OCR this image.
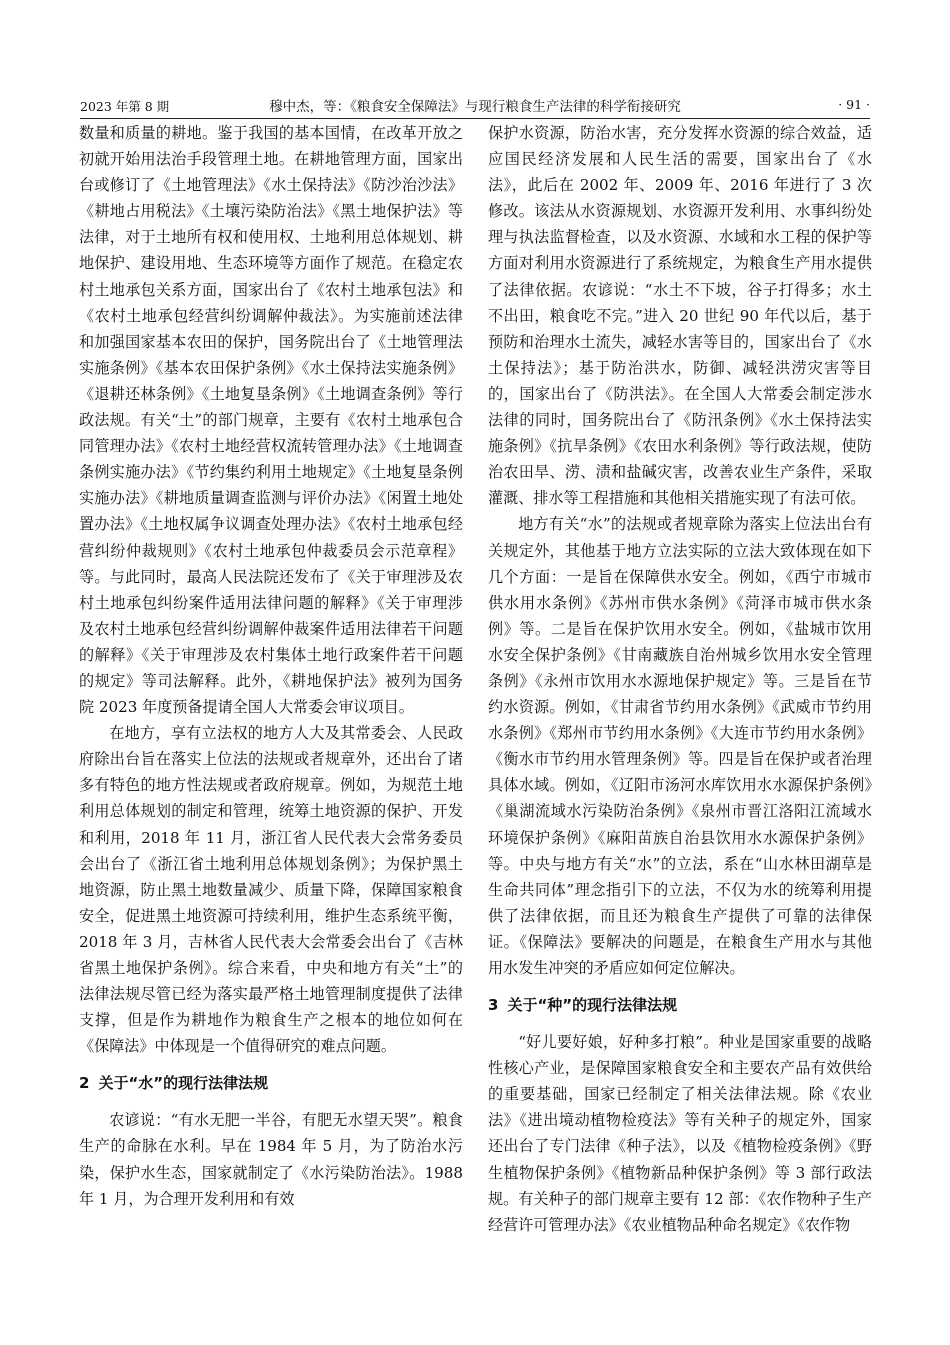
2023 年第 8 期	穆中杰，等：《粮食安全保障法》与现行粮食生产法律的科学衔接研究	· 91 ·

数量和质量的耕地。鉴于我国的基本国情，在改革开放之初就开始用法治手段管理土地。在耕地管理方面，国家出台或修订了《土地管理法》《水土保持法》《防沙治沙法》《耕地占用税法》《土壤污染防治法》《黑土地保护法》等法律，对于土地所有权和使用权、土地利用总体规划、耕地保护、建设用地、生态环境等方面作了规范。在稳定农村土地承包关系方面，国家出台了《农村土地承包法》和《农村土地承包经营纠纷调解仲裁法》。为实施前述法律和加强国家基本农田的保护，国务院出台了《土地管理法实施条例》《基本农田保护条例》《水土保持法实施条例》《退耕还林条例》《土地复垦条例》《土地调查条例》等行政法规。有关“土”的部门规章，主要有《农村土地承包合同管理办法》《农村土地经营权流转管理办法》《土地调查条例实施办法》《节约集约利用土地规定》《土地复垦条例实施办法》《耕地质量调查监测与评价办法》《闲置土地处置办法》《土地权属争议调查处理办法》《农村土地承包经营纠纷仲裁规则》《农村土地承包仲裁委员会示范章程》等。与此同时，最高人民法院还发布了《关于审理涉及农村土地承包纠纷案件适用法律问题的解释》《关于审理涉及农村土地承包经营纠纷调解仲裁案件适用法律若干问题的解释》《关于审理涉及农村集体土地行政案件若干问题的规定》等司法解释。此外，《耕地保护法》被列为国务院 2023 年度预备提请全国人大常委会审议项目。

在地方，享有立法权的地方人大及其常委会、人民政府除出台旨在落实上位法的法规或者规章外，还出台了诸多有特色的地方性法规或者政府规章。例如，为规范土地利用总体规划的制定和管理，统筹土地资源的保护、开发和利用，2018 年 11 月，浙江省人民代表大会常务委员会出台了《浙江省土地利用总体规划条例》；为保护黑土地资源，防止黑土地数量减少、质量下降，保障国家粮食安全，促进黑土地资源可持续利用，维护生态系统平衡，2018 年 3 月，吉林省人民代表大会常委会出台了《吉林省黑土地保护条例》。综合来看，中央和地方有关“土”的法律法规尽管已经为落实最严格土地管理制度提供了法律支撑，但是作为耕地作为粮食生产之根本的地位如何在《保障法》中体现是一个值得研究的难点问题。

2 关于“水”的现行法律法规

农谚说：“有水无肥一半谷，有肥无水望天哭”。粮食生产的命脉在水利。早在 1984 年 5 月，为了防治水污染，保护水生态，国家就制定了《水污染防治法》。1988 年 1 月，为合理开发利用和有效

保护水资源，防治水害，充分发挥水资源的综合效益，适应国民经济发展和人民生活的需要，国家出台了《水法》，此后在 2002 年、2009 年、2016 年进行了 3 次修改。该法从水资源规划、水资源开发利用、水事纠纷处理与执法监督检查，以及水资源、水域和水工程的保护等方面对利用水资源进行了系统规定，为粮食生产用水提供了法律依据。农谚说：“水土不下坡，谷子打得多；水土不出田，粮食吃不完。”进入 20 世纪 90 年代以后，基于预防和治理水土流失，减轻水害等目的，国家出台了《水土保持法》；基于防治洪水，防御、减轻洪涝灾害等目的，国家出台了《防洪法》。在全国人大常委会制定涉水法律的同时，国务院出台了《防汛条例》《水土保持法实施条例》《抗旱条例》《农田水利条例》等行政法规，使防治农田旱、涝、渍和盐碱灾害，改善农业生产条件，采取灌溉、排水等工程措施和其他相关措施实现了有法可依。

地方有关“水”的法规或者规章除为落实上位法出台有关规定外，其他基于地方立法实际的立法大致体现在如下几个方面：一是旨在保障供水安全。例如，《西宁市城市供水用水条例》《苏州市供水条例》《菏泽市城市供水条例》等。二是旨在保护饮用水安全。例如，《盐城市饮用水安全保护条例》《甘南藏族自治州城乡饮用水安全管理条例》《永州市饮用水水源地保护规定》等。三是旨在节约水资源。例如，《甘肃省节约用水条例》《武威市节约用水条例》《郑州市节约用水条例》《大连市节约用水条例》《衡水市节约用水管理条例》等。四是旨在保护或者治理具体水域。例如，《辽阳市汤河水库饮用水水源保护条例》《巢湖流域水污染防治条例》《泉州市晋江洛阳江流域水环境保护条例》《麻阳苗族自治县饮用水水源保护条例》等。中央与地方有关“水”的立法，系在“山水林田湖草是生命共同体”理念指引下的立法，不仅为水的统筹利用提供了法律依据，而且还为粮食生产提供了可靠的法律保证。《保障法》要解决的问题是，在粮食生产用水与其他用水发生冲突的矛盾应如何定位解决。

3 关于“种”的现行法律法规

“好儿要好娘，好种多打粮”。种业是国家重要的战略性核心产业，是保障国家粮食安全和主要农产品有效供给的重要基础，国家已经制定了相关法律法规。除《农业法》《进出境动植物检疫法》等有关种子的规定外，国家还出台了专门法律《种子法》，以及《植物检疫条例》《野生植物保护条例》《植物新品种保护条例》等 3 部行政法规。有关种子的部门规章主要有 12 部：《农作物种子生产经营许可管理办法》《农业植物品种命名规定》《农作物
